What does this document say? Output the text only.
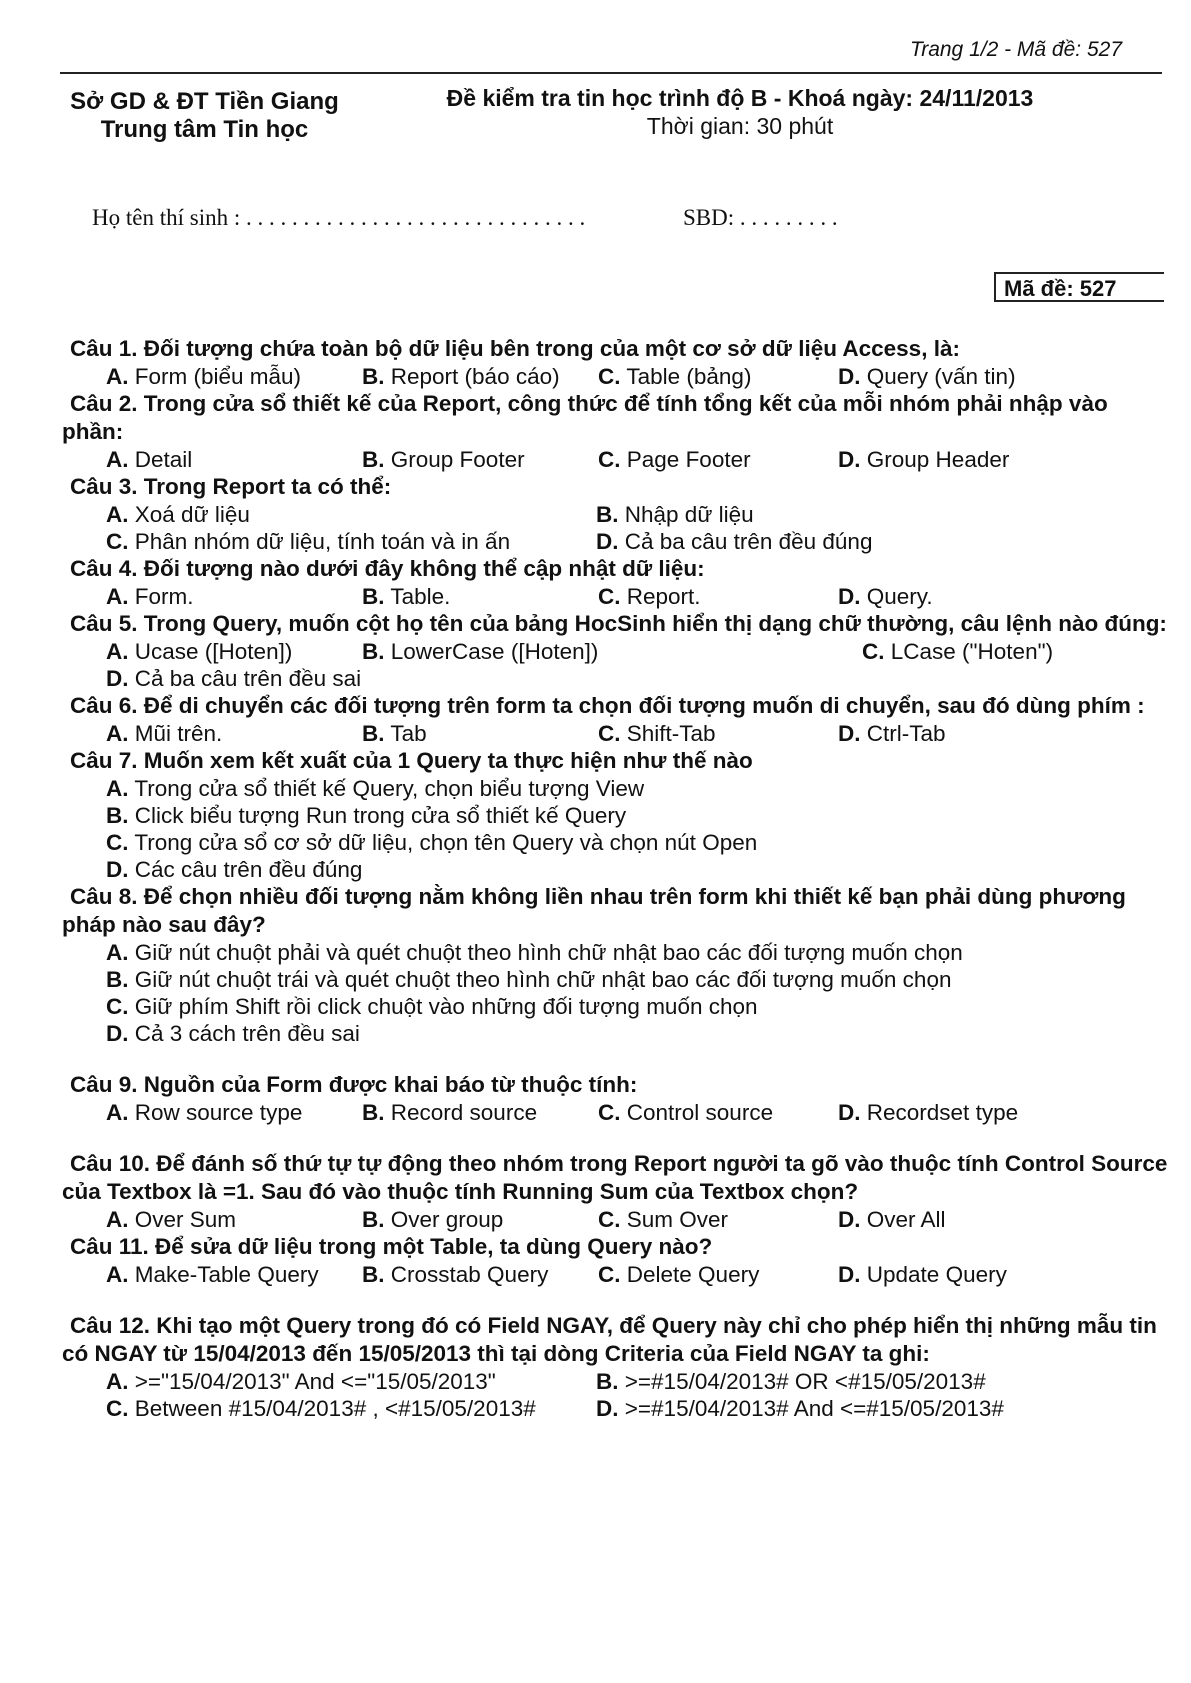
Trang 1/2 - Mã đề: 527
Sở GD & ĐT Tiền Giang
Trung tâm Tin học
Đề kiểm tra tin học trình độ B - Khoá ngày: 24/11/2013
Thời gian: 30 phút
Họ tên thí sinh : . . . . . . . . . . . . . . . . . . . . . . . . . . . . . .	SBD: . . . . . . . . .
Mã đề: 527
Câu 1. Đối tượng chứa toàn bộ dữ liệu bên trong của một cơ sở dữ liệu Access, là:
A. Form (biểu mẫu)	B. Report (báo cáo)	C. Table (bảng)	D. Query (vấn tin)
Câu 2. Trong cửa sổ thiết kế của Report, công thức để tính tổng kết của mỗi nhóm phải nhập vào phần:
A. Detail	B. Group Footer	C. Page Footer	D. Group Header
Câu 3. Trong Report ta có thể:
A. Xoá dữ liệu	B. Nhập dữ liệu
C. Phân nhóm dữ liệu, tính toán và in ấn	D. Cả ba câu trên đều đúng
Câu 4. Đối tượng nào dưới đây không thể cập nhật dữ liệu:
A. Form.	B. Table.	C. Report.	D. Query.
Câu 5. Trong Query, muốn cột họ tên của bảng HocSinh hiển thị dạng chữ thường, câu lệnh nào đúng:
A. Ucase ([Hoten])	B. LowerCase ([Hoten])	C. LCase ("Hoten")
D. Cả ba câu trên đều sai
Câu 6. Để di chuyển các đối tượng trên form ta chọn đối tượng muốn di chuyển, sau đó dùng phím :
A. Mũi trên.	B. Tab	C. Shift-Tab	D. Ctrl-Tab
Câu 7. Muốn xem kết xuất của 1 Query ta thực hiện như thế nào
A. Trong cửa sổ thiết kế Query, chọn biểu tượng View
B. Click biểu tượng Run trong cửa sổ thiết kế Query
C. Trong cửa sổ cơ sở dữ liệu, chọn tên Query và chọn nút Open
D. Các câu trên đều đúng
Câu 8. Để chọn nhiều đối tượng nằm không liền nhau trên form khi thiết kế bạn phải dùng phương pháp nào sau đây?
A. Giữ nút chuột phải và quét chuột theo hình chữ nhật bao các đối tượng muốn chọn
B. Giữ nút chuột trái và quét chuột theo hình chữ nhật bao các đối tượng muốn chọn
C. Giữ phím Shift rồi click chuột vào những đối tượng muốn chọn
D. Cả 3 cách trên đều sai
Câu 9. Nguồn của Form được khai báo từ thuộc tính:
A. Row source type	B. Record source	C. Control source	D. Recordset type
Câu 10. Để đánh số thứ tự tự động theo nhóm trong Report người ta gõ vào thuộc tính Control Source của Textbox là =1. Sau đó vào thuộc tính Running Sum của Textbox chọn?
A. Over Sum	B. Over group	C. Sum Over	D. Over All
Câu 11. Để sửa dữ liệu trong một Table, ta dùng Query nào?
A. Make-Table Query	B. Crosstab Query	C. Delete Query	D. Update Query
Câu 12. Khi tạo một Query trong đó có Field NGAY, để Query này chỉ cho phép hiển thị những mẫu tin có NGAY từ 15/04/2013 đến 15/05/2013 thì tại dòng Criteria của Field NGAY ta ghi:
A. >="15/04/2013" And <="15/05/2013"	B. >=#15/04/2013# OR <#15/05/2013#
C. Between #15/04/2013# , <#15/05/2013#	D. >=#15/04/2013# And <=#15/05/2013#
